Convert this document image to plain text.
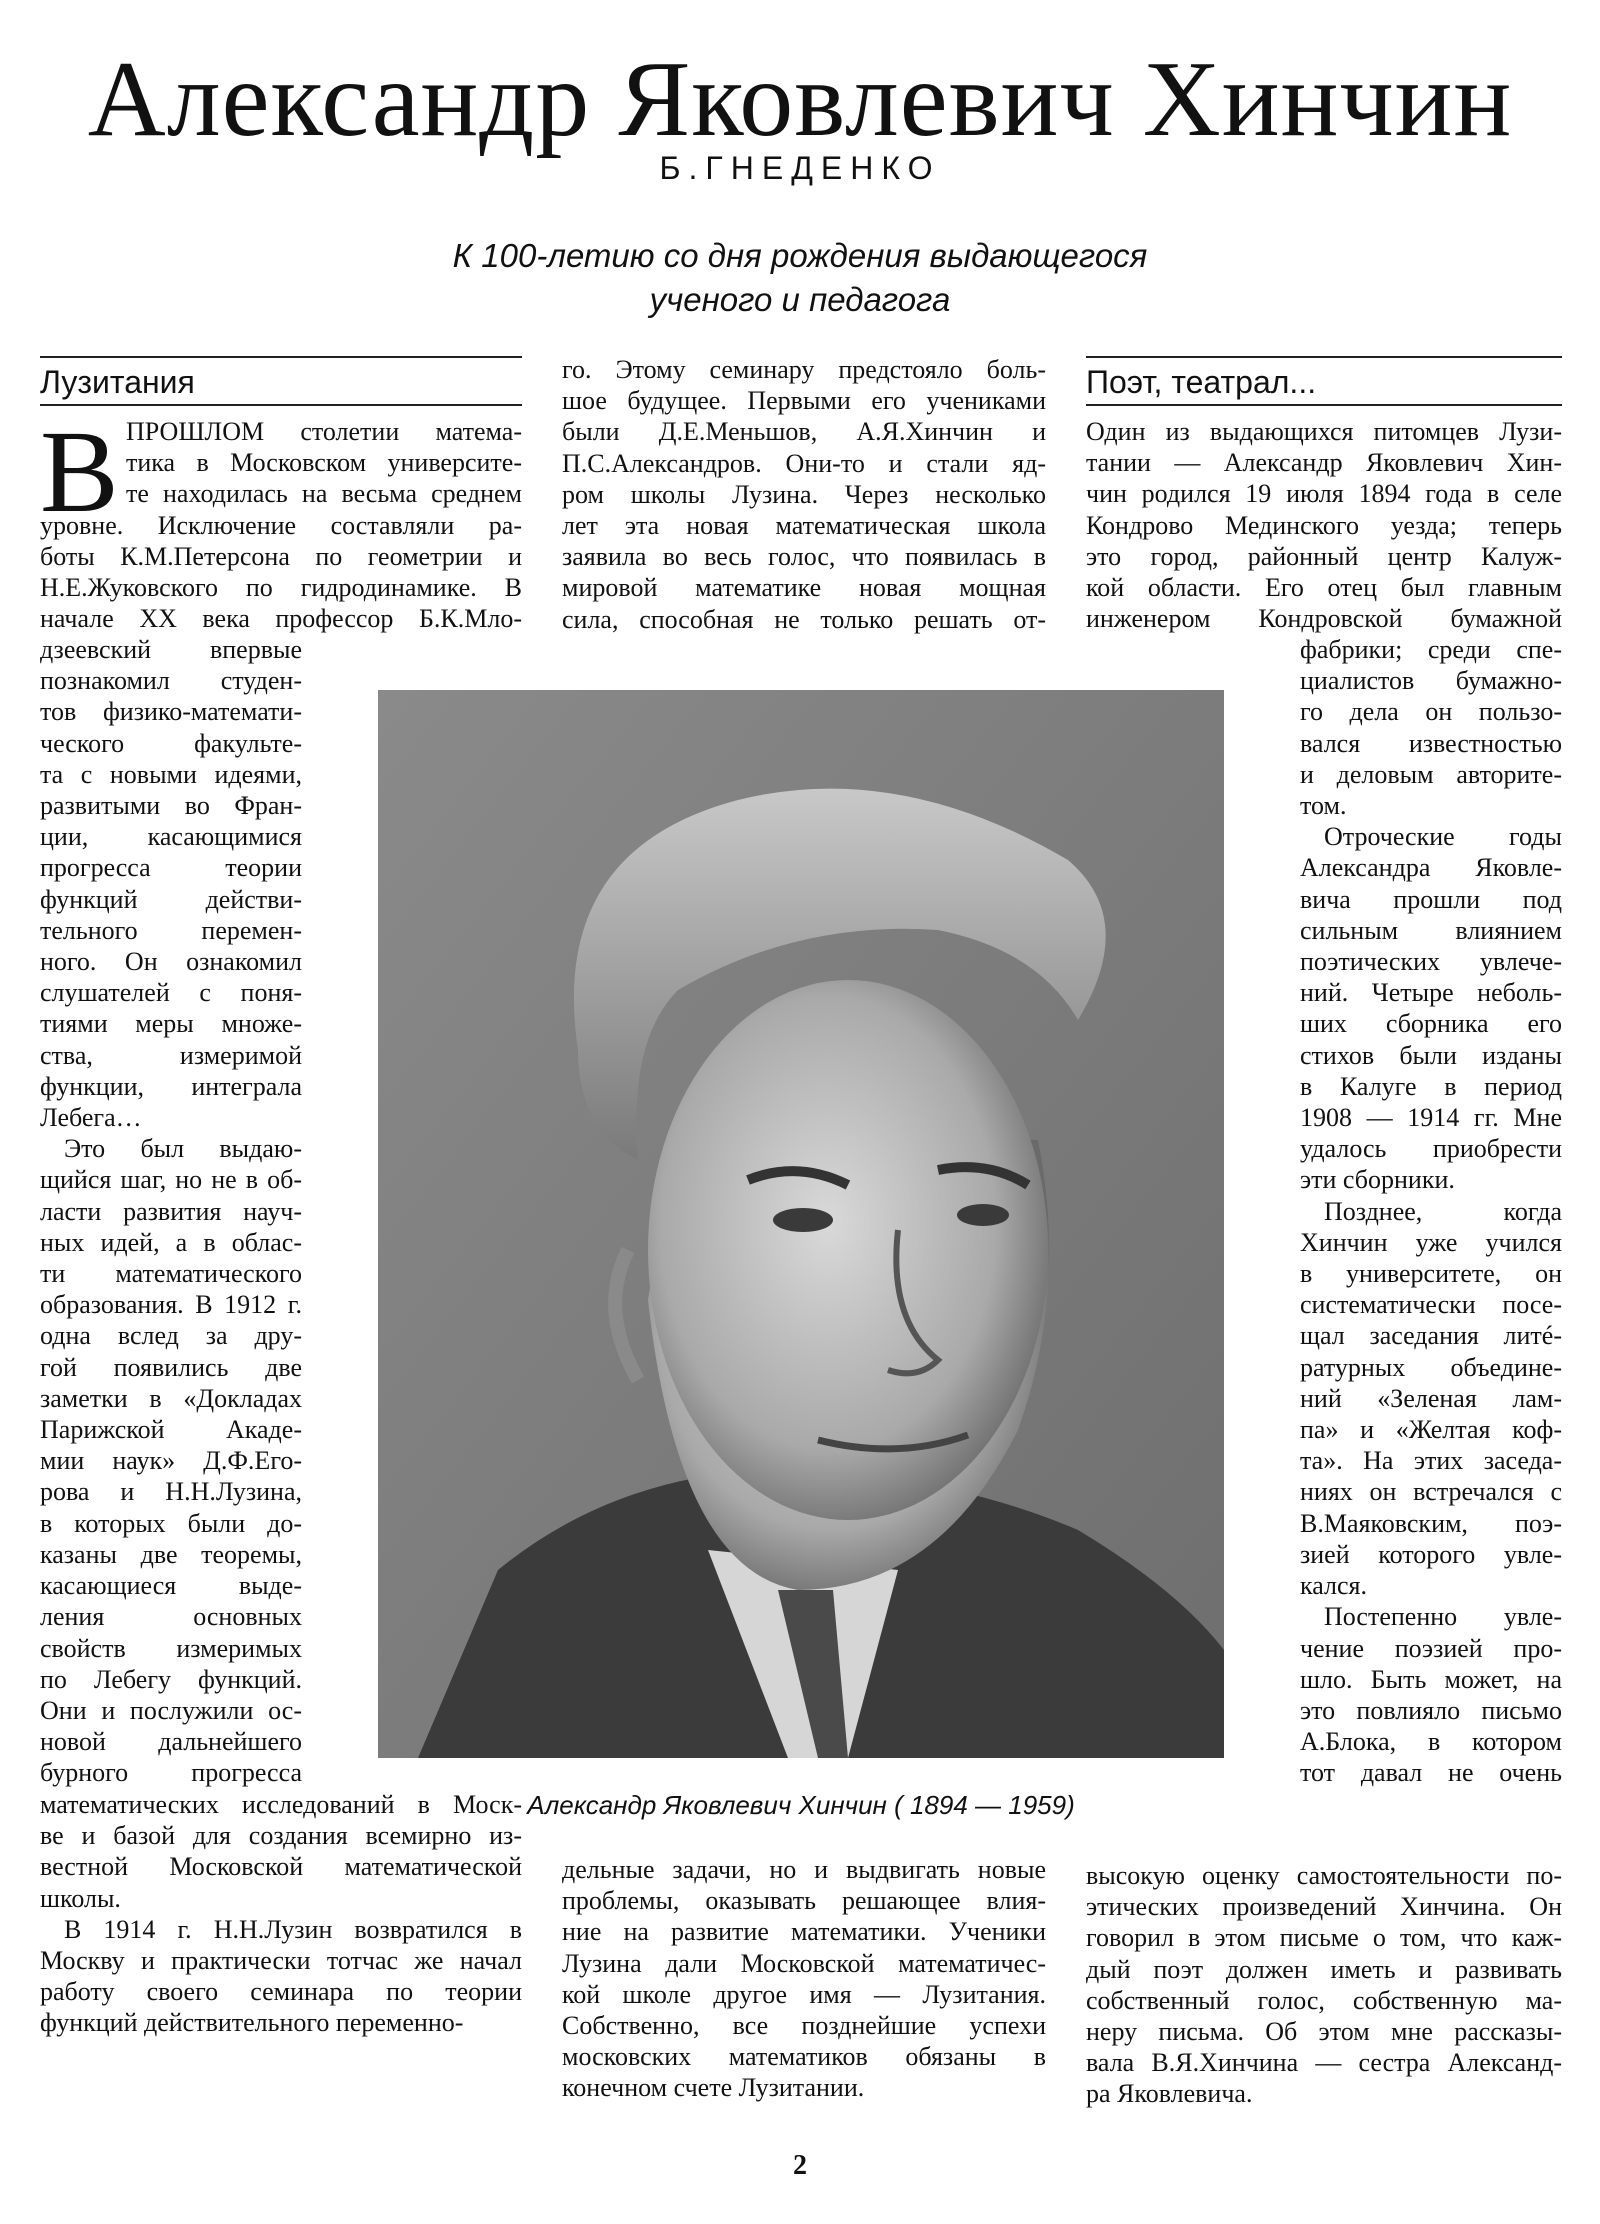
Александр Яковлевич Хинчин
Б.ГНЕДЕНКО
К 100-летию со дня рождения выдающегося
ученого и педагога
Лузитания
В ПРОШЛОМ столетии матема-
тика в Московском университе-
те находилась на весьма среднем
уровне. Исключение составляли ра-
боты К.М.Петерсона по геометрии и
Н.Е.Жуковского по гидродинамике. В
начале ХХ века профессор Б.К.Мло-
дзеевский впервые
познакомил студен-
тов физико-математи-
ческого факульте-
та с новыми идеями,
развитыми во Фран-
ции, касающимися
прогресса теории
функций действи-
тельного перемен-
ного. Он ознакомил
слушателей с поня-
тиями меры множе-
ства, измеримой
функции, интеграла
Лебега…
Это был выдаю-
щийся шаг, но не в об-
ласти развития науч-
ных идей, а в облас-
ти математического
образования. В 1912 г.
одна вслед за дру-
гой появились две
заметки в «Докладах
Парижской Акаде-
мии наук» Д.Ф.Его-
рова и Н.Н.Лузина,
в которых были до-
казаны две теоремы,
касающиеся выде-
ления основных
свойств измеримых
по Лебегу функций.
Они и послужили ос-
новой дальнейшего
бурного прогресса
математических исследований в Моск-
ве и базой для создания всемирно из-
вестной Московской математической
школы.
В 1914 г. Н.Н.Лузин возвратился в
Москву и практически тотчас же начал
работу своего семинара по теории
функций действительного переменно-
го. Этому семинару предстояло боль-
шое будущее. Первыми его учениками
были Д.Е.Меньшов, А.Я.Хинчин и
П.С.Александров. Они-то и стали яд-
ром школы Лузина. Через несколько
лет эта новая математическая школа
заявила во весь голос, что появилась в
мировой математике новая мощная
сила, способная не только решать от-
дельные задачи, но и выдвигать новые
проблемы, оказывать решающее влия-
ние на развитие математики. Ученики
Лузина дали Московской математичес-
кой школе другое имя — Лузитания.
Собственно, все позднейшие успехи
московских математиков обязаны в
конечном счете Лузитании.
Поэт, театрал...
Один из выдающихся питомцев Лузи-
тании — Александр Яковлевич Хин-
чин родился 19 июля 1894 года в селе
Кондрово Мединского уезда; теперь
это город, районный центр Калуж-
кой области. Его отец был главным
инженером Кондровской бумажной
фабрики; среди спе-
циалистов бумажно-
го дела он пользо-
вался известностью
и деловым авторите-
том.
Отроческие годы
Александра Яковле-
вича прошли под
сильным влиянием
поэтических увлече-
ний. Четыре неболь-
ших сборника его
стихов были изданы
в Калуге в период
1908 — 1914 гг. Мне
удалось приобрести
эти сборники.
Позднее, когда
Хинчин уже учился
в университете, он
систематически посе-
щал заседания литé-
ратурных объедине-
ний «Зеленая лам-
па» и «Желтая коф-
та». На этих заседа-
ниях он встречался с
В.Маяковским, поэ-
зией которого увле-
кался.
Постепенно увле-
чение поэзией про-
шло. Быть может, на
это повлияло письмо
А.Блока, в котором
тот давал не очень
высокую оценку самостоятельности по-
этических произведений Хинчина. Он
говорил в этом письме о том, что каж-
дый поэт должен иметь и развивать
собственный голос, собственную ма-
неру письма. Об этом мне рассказы-
вала В.Я.Хинчина — сестра Александ-
ра Яковлевича.
Александр Яковлевич Хинчин ( 1894 — 1959)
2
